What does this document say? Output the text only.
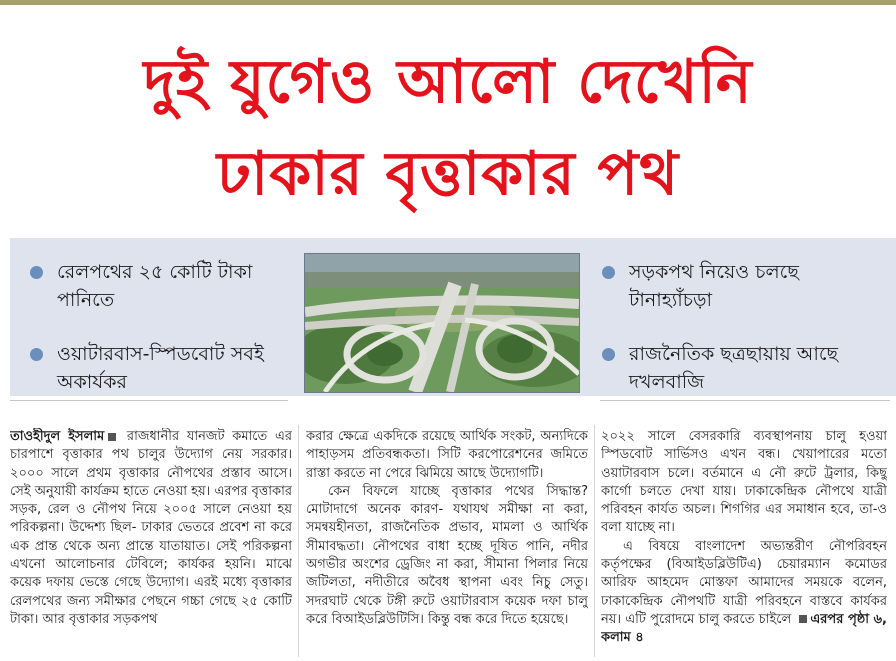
দুই যুগেও আলো দেখেনি
ঢাকার বৃত্তাকার পথ
রেলপথের ২৫ কোটি টাকা পানিতে
ওয়াটারবাস-স্পিডবোট সবই অকার্যকর
সড়কপথ নিয়েও চলছে টানাহ্যাঁচড়া
রাজনৈতিক ছত্রছায়ায় আছে দখলবাজি

তাওহীদুল ইসলাম রাজধানীর যানজট কমাতে এর চারপাশে বৃত্তাকার পথ চালুর উদ্যোগ নেয় সরকার। ২০০০ সালে প্রথম বৃত্তাকার নৌপথের প্রস্তাব আসে। সেই অনুযায়ী কার্যক্রম হাতে নেওয়া হয়। এরপর বৃত্তাকার সড়ক, রেল ও নৌপথ নিয়ে ২০০৫ সালে নেওয়া হয় পরিকল্পনা। উদ্দেশ্য ছিল- ঢাকার ভেতরে প্রবেশ না করে এক প্রান্ত থেকে অন্য প্রান্তে যাতায়াত। সেই পরিকল্পনা এখনো আলোচনার টেবিলে; কার্যকর হয়নি। মাঝে কয়েক দফায় ভেস্তে গেছে উদ্যোগ। এরই মধ্যে বৃত্তাকার রেলপথের জন্য সমীক্ষার পেছনে গচ্চা গেছে ২৫ কোটি টাকা। আর বৃত্তাকার সড়কপথ

করার ক্ষেত্রে একদিকে রয়েছে আর্থিক সংকট, অন্যদিকে পাহাড়সম প্রতিবন্ধকতা। সিটি করপোরেশনের জমিতে রাস্তা করতে না পেরে ঝিমিয়ে আছে উদ্যোগটি।

কেন বিফলে যাচ্ছে বৃত্তাকার পথের সিদ্ধান্ত? মোটাদাগে অনেক কারণ- যথাযথ সমীক্ষা না করা, সমন্বয়হীনতা, রাজনৈতিক প্রভাব, মামলা ও আর্থিক সীমাবদ্ধতা। নৌপথের বাধা হচ্ছে দূষিত পানি, নদীর অগভীর অংশের ড্রেজিং না করা, সীমানা পিলার নিয়ে জটিলতা, নদীতীরে অবৈধ স্থাপনা এবং নিচু সেতু। সদরঘাট থেকে টঙ্গী রুটে ওয়াটারবাস কয়েক দফা চালু করে বিআইডব্লিউটিসি। কিন্তু বন্ধ করে দিতে হয়েছে।

২০২২ সালে বেসরকারি ব্যবস্থাপনায় চালু হওয়া স্পিডবোট সার্ভিসও এখন বন্ধ। খেয়াপারের মতো ওয়াটারবাস চলে। বর্তমানে এ নৌ রুটে ট্রলার, কিছু কার্গো চলতে দেখা যায়। ঢাকাকেন্দ্রিক নৌপথে যাত্রী পরিবহন কার্যত অচল। শিগগির এর সমাধান হবে, তা-ও বলা যাচ্ছে না।

এ বিষয়ে বাংলাদেশ অভ্যন্তরীণ নৌপরিবহন কর্তৃপক্ষের (বিআইডব্লিউটিএ) চেয়ারম্যান কমোডর আরিফ আহমেদ মোস্তফা আমাদের সময়কে বলেন, ঢাকাকেন্দ্রিক নৌপথটি যাত্রী পরিবহনে বাস্তবে কার্যকর নয়। এটি পুরোদমে চালু করতে চাইলে এরপর পৃষ্ঠা ৬, কলাম ৪
